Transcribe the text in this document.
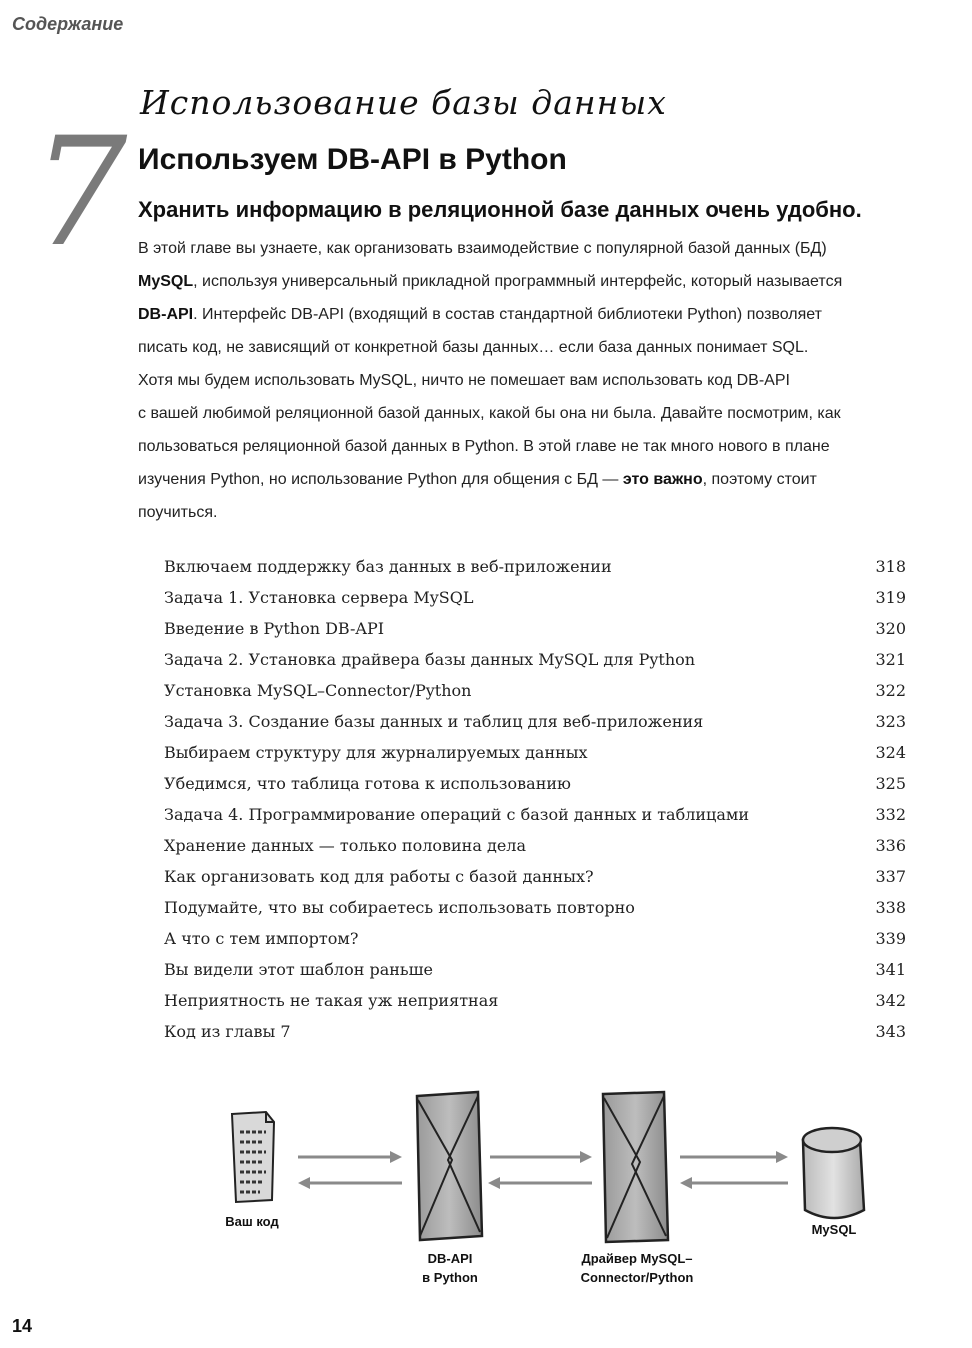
Содержание
Использование базы данных
7 Используем DB-API в Python
Хранить информацию в реляционной базе данных очень удобно.
В этой главе вы узнаете, как организовать взаимодействие с популярной базой данных (БД)
MySQL, используя универсальный прикладной программный интерфейс, который называется
DB-API. Интерфейс DB-API (входящий в состав стандартной библиотеки Python) позволяет
писать код, не зависящий от конкретной базы данных… если база данных понимает SQL.
Хотя мы будем использовать MySQL, ничто не помешает вам использовать код DB-API
с вашей любимой реляционной базой данных, какой бы она ни была. Давайте посмотрим, как
пользоваться реляционной базой данных в Python. В этой главе не так много нового в плане
изучения Python, но использование Python для общения с БД — это важно, поэтому стоит
поучиться.
Включаем поддержку баз данных в веб-приложении	318
Задача 1. Установка сервера MySQL	319
Введение в Python DB-API	320
Задача 2. Установка драйвера базы данных MySQL для Python	321
Установка MySQL–Connector/Python	322
Задача 3. Создание базы данных и таблиц для веб-приложения	323
Выбираем структуру для журналируемых данных	324
Убедимся, что таблица готова к использованию	325
Задача 4. Программирование операций с базой данных и таблицами	332
Хранение данных — только половина дела	336
Как организовать код для работы с базой данных?	337
Подумайте, что вы собираетесь использовать повторно	338
А что с тем импортом?	339
Вы видели этот шаблон раньше	341
Неприятность не такая уж неприятная	342
Код из главы 7	343
Ваш код
DB-API
в Python
Драйвер MySQL–
Connector/Python
MySQL
14
